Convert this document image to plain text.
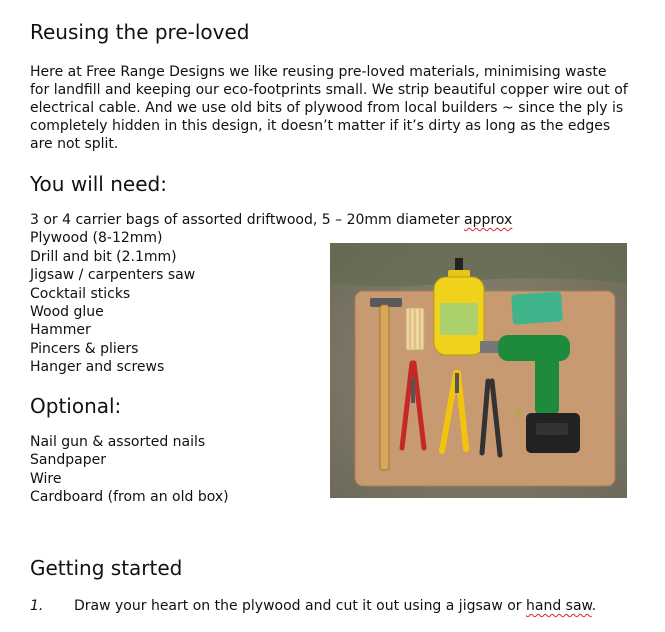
Reusing the pre-loved

Here at Free Range Designs we like reusing pre-loved materials, minimising waste for landfill and keeping our eco-footprints small. We strip beautiful copper wire out of electrical cable. And we use old bits of plywood from local builders ~ since the ply is completely hidden in this design, it doesn’t matter if it’s dirty as long as the edges are not split.

You will need:
3 or 4 carrier bags of assorted driftwood, 5 – 20mm diameter approx
Plywood (8-12mm)
Drill and bit (2.1mm)
Jigsaw / carpenters saw
Cocktail sticks
Wood glue
Hammer
Pincers & pliers
Hanger and screws
Optional:
Nail gun & assorted nails
Sandpaper
Wire
Cardboard (from an old box)
Getting started
1. Draw your heart on the plywood and cut it out using a jigsaw or hand saw.
